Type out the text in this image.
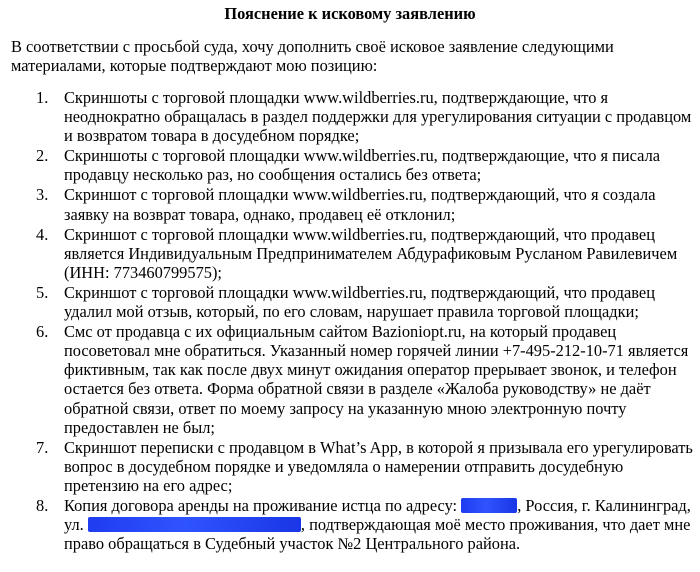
Пояснение к исковому заявлению

В соответствии с просьбой суда, хочу дополнить своё исковое заявление следующими материалами, которые подтверждают мою позицию:

1. Скриншоты с торговой площадки www.wildberries.ru, подтверждающие, что я неоднократно обращалась в раздел поддержки для урегулирования ситуации с продавцом и возвратом товара в досудебном порядке;
2. Скриншоты с торговой площадки www.wildberries.ru, подтверждающие, что я писала продавцу несколько раз, но сообщения остались без ответа;
3. Скриншот с торговой площадки www.wildberries.ru, подтверждающий, что я создала заявку на возврат товара, однако, продавец её отклонил;
4. Скриншот с торговой площадки www.wildberries.ru, подтверждающий, что продавец является Индивидуальным Предпринимателем Абдурафиковым Русланом Равилевичем (ИНН: 773460799575);
5. Скриншот с торговой площадки www.wildberries.ru, подтверждающий, что продавец удалил мой отзыв, который, по его словам, нарушает правила торговой площадки;
6. Смс от продавца с их официальным сайтом Bazioniopt.ru, на который продавец посоветовал мне обратиться. Указанный номер горячей линии +7-495-212-10-71 является фиктивным, так как после двух минут ожидания оператор прерывает звонок, и телефон остается без ответа. Форма обратной связи в разделе «Жалоба руководству» не даёт обратной связи, ответ по моему запросу на указанную мною электронную почту предоставлен не был;
7. Скриншот переписки с продавцом в What’s App, в которой я призывала его урегулировать вопрос в досудебном порядке и уведомляла о намерении отправить досудебную претензию на его адрес;
8. Копия договора аренды на проживание истца по адресу:	, Россия, г. Калининград, ул.	, подтверждающая моё место проживания, что дает мне право обращаться в Судебный участок №2 Центрального района.
